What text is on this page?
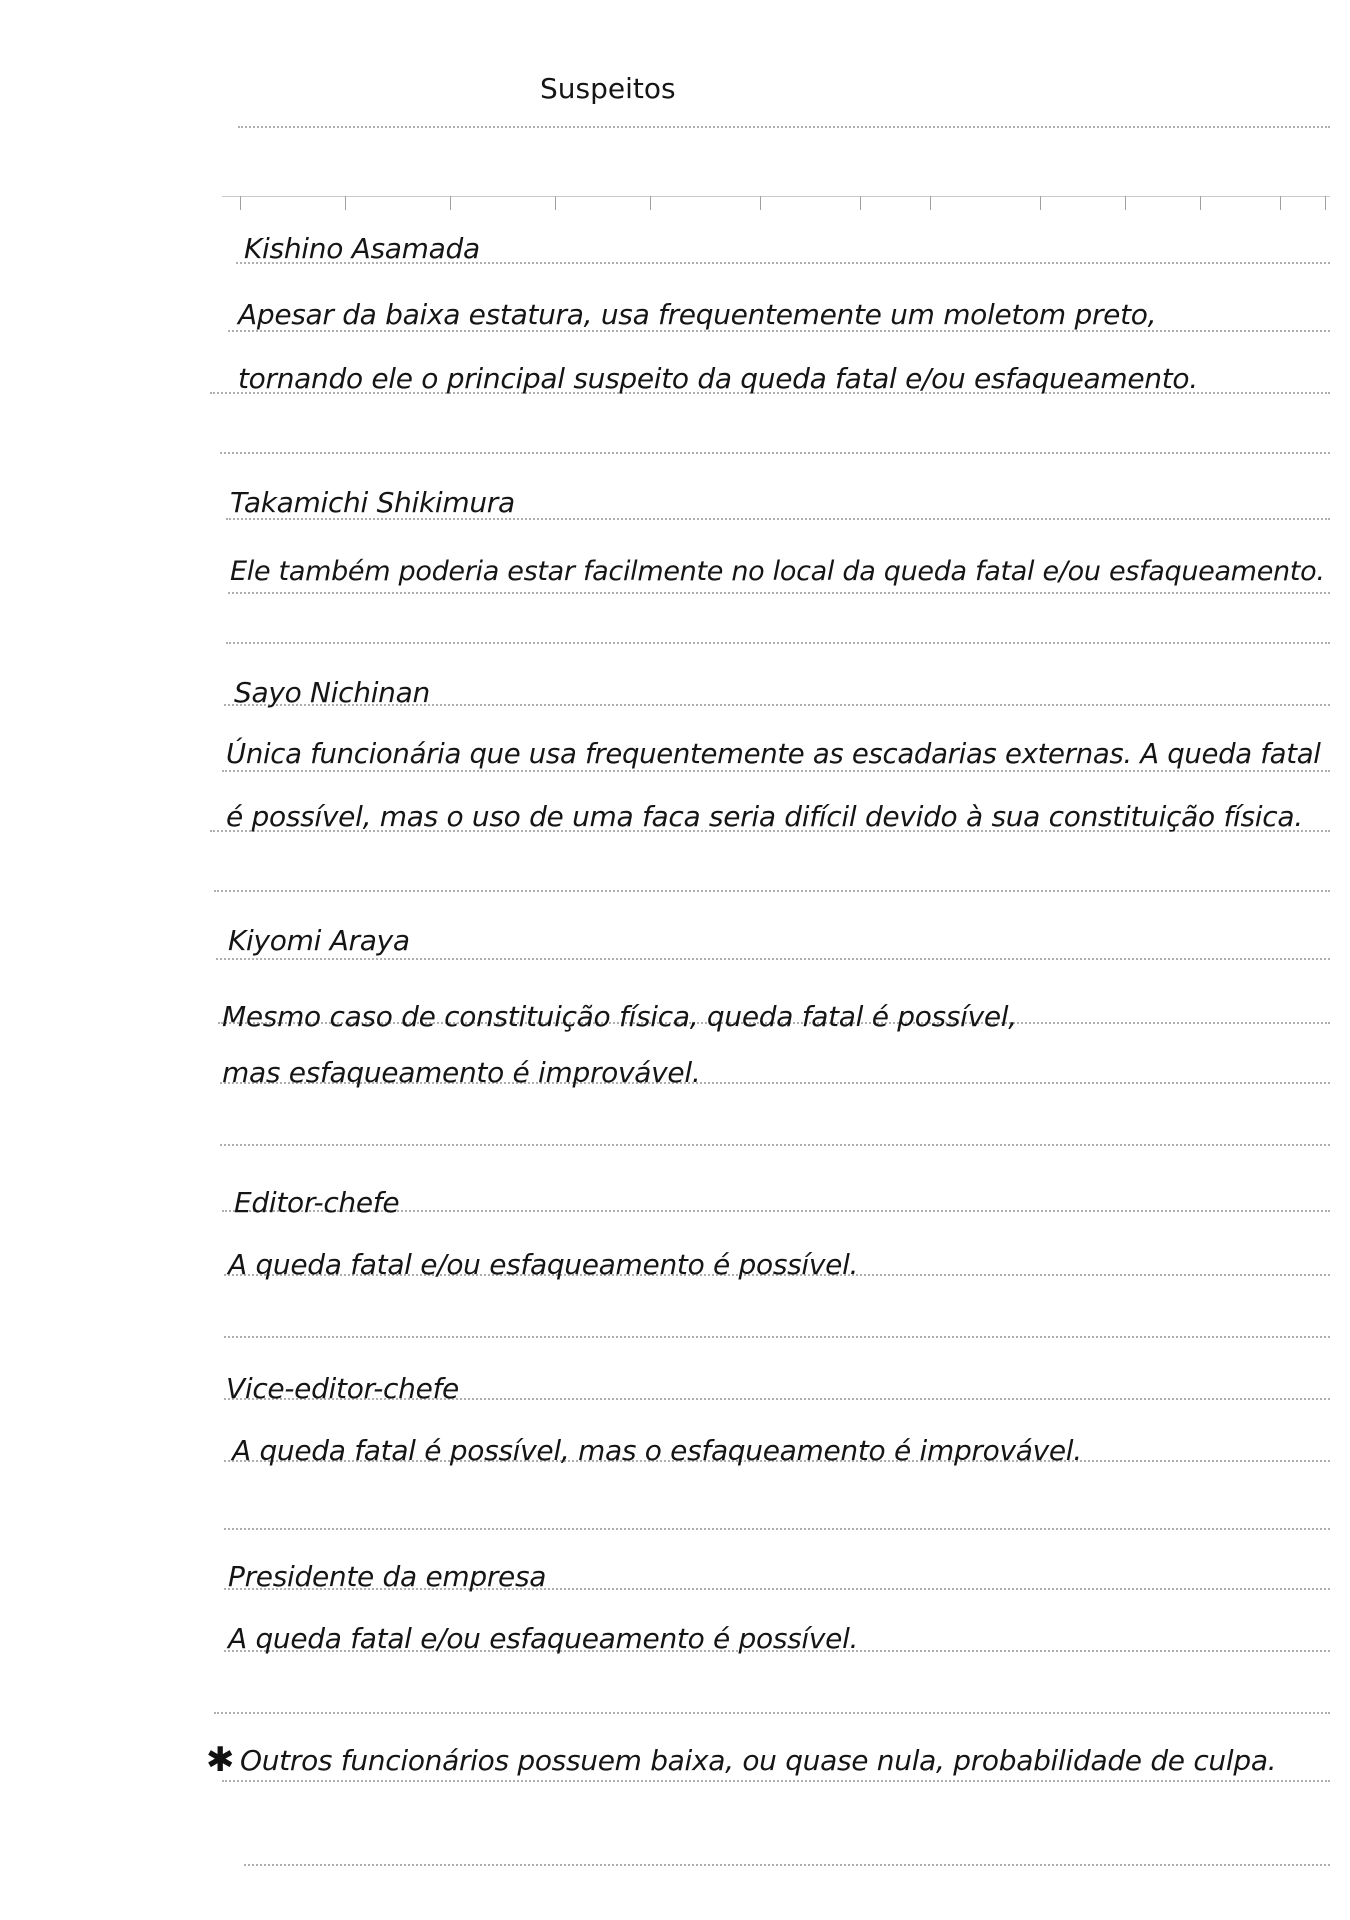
Suspeitos
Kishino Asamada
Apesar da baixa estatura, usa frequentemente um moletom preto,
tornando ele o principal suspeito da queda fatal e/ou esfaqueamento.
Takamichi Shikimura
Ele também poderia estar facilmente no local da queda fatal e/ou esfaqueamento.
Sayo Nichinan
Única funcionária que usa frequentemente as escadarias externas. A queda fatal
é possível, mas o uso de uma faca seria difícil devido à sua constituição física.
Kiyomi Araya
Mesmo caso de constituição física, queda fatal é possível,
mas esfaqueamento é improvável.
Editor-chefe
A queda fatal e/ou esfaqueamento é possível.
Vice-editor-chefe
A queda fatal é possível, mas o esfaqueamento é improvável.
Presidente da empresa
A queda fatal e/ou esfaqueamento é possível.
✱ Outros funcionários possuem baixa, ou quase nula, probabilidade de culpa.
